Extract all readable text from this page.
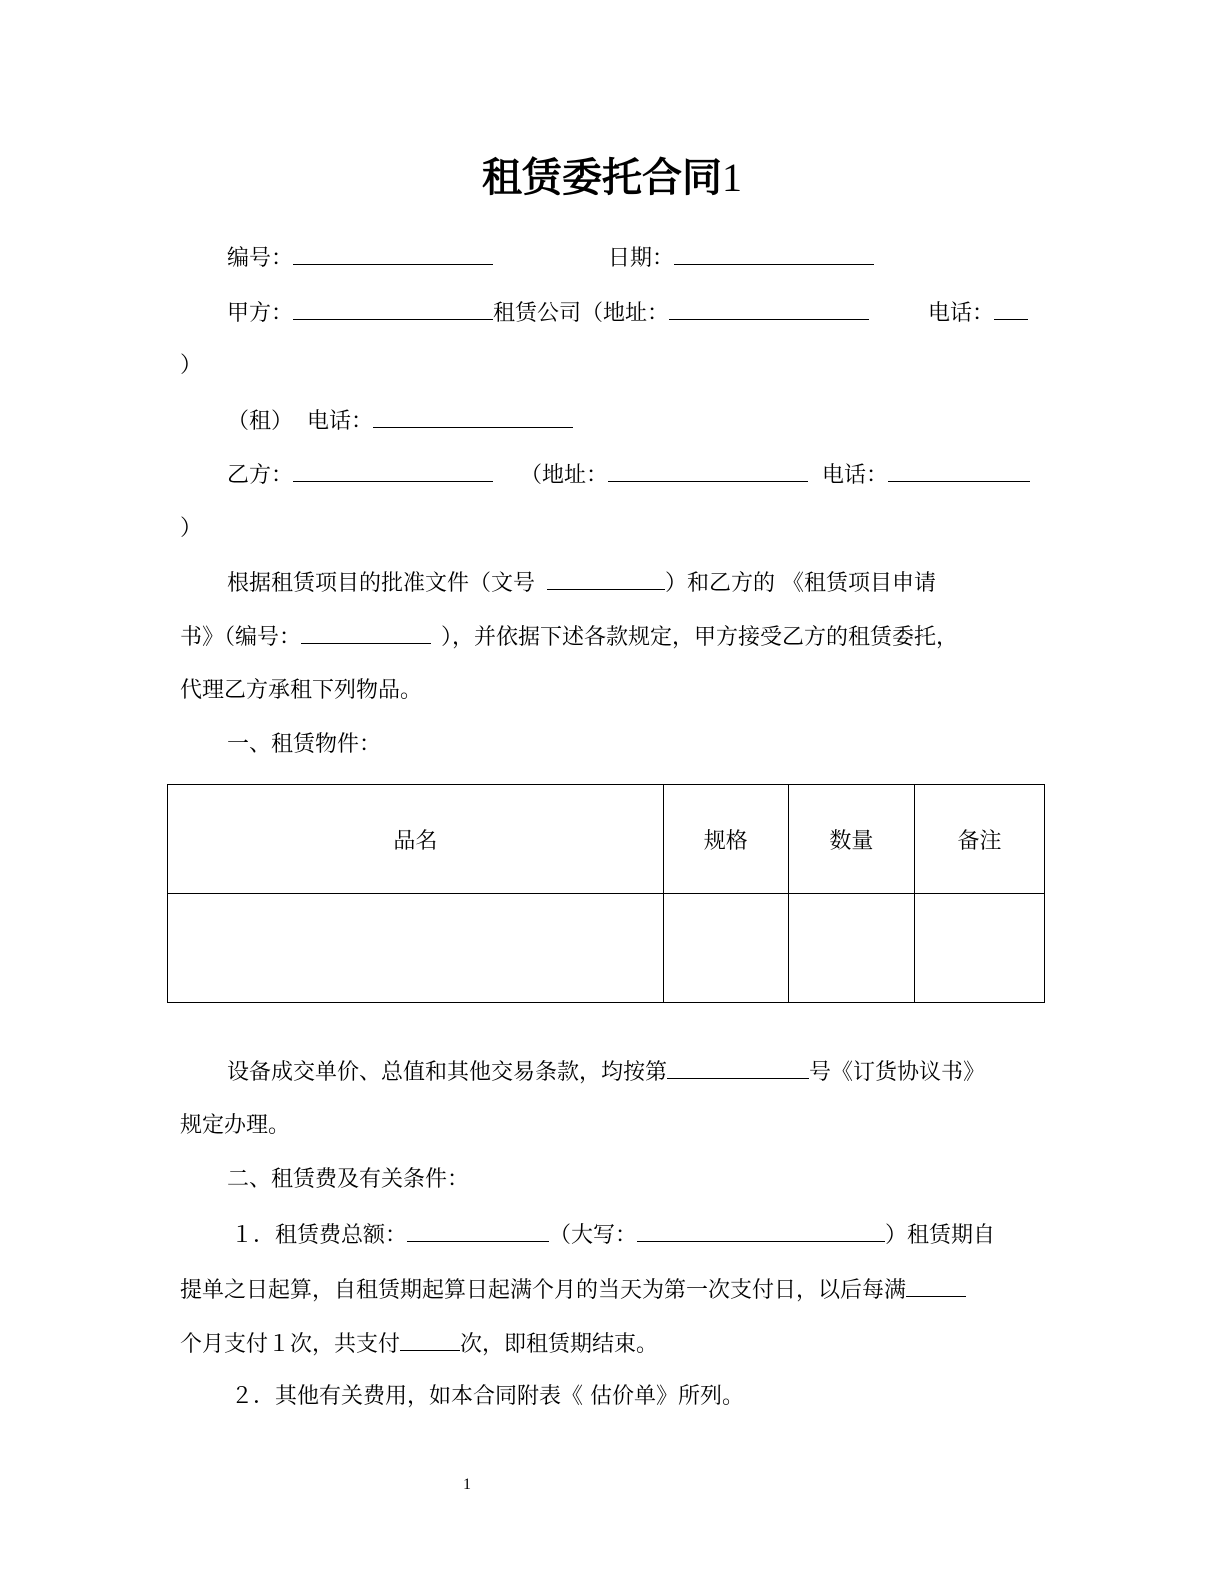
租赁委托合同1
编号：	日期：
甲方：	租赁公司（地址：	电话：
）
（租） 电话：
乙方：	（地址：	电话：
）
根据租赁项目的批准文件（文号	）和乙方的 《租赁项目申请
书》（编号：	），并依据下述各款规定，甲方接受乙方的租赁委托，
代理乙方承租下列物品。
一、租赁物件：
品名	规格	数量	备注

设备成交单价、总值和其他交易条款，均按第	号《订货协议书》
规定办理。
二、租赁费及有关条件：
１．租赁费总额：	（大写：	）租赁期自
提单之日起算，自租赁期起算日起满个月的当天为第一次支付日，以后每满
个月支付１次，共支付	次，即租赁期结束。
２．其他有关费用，如本合同附表《 估价单》所列。
1
